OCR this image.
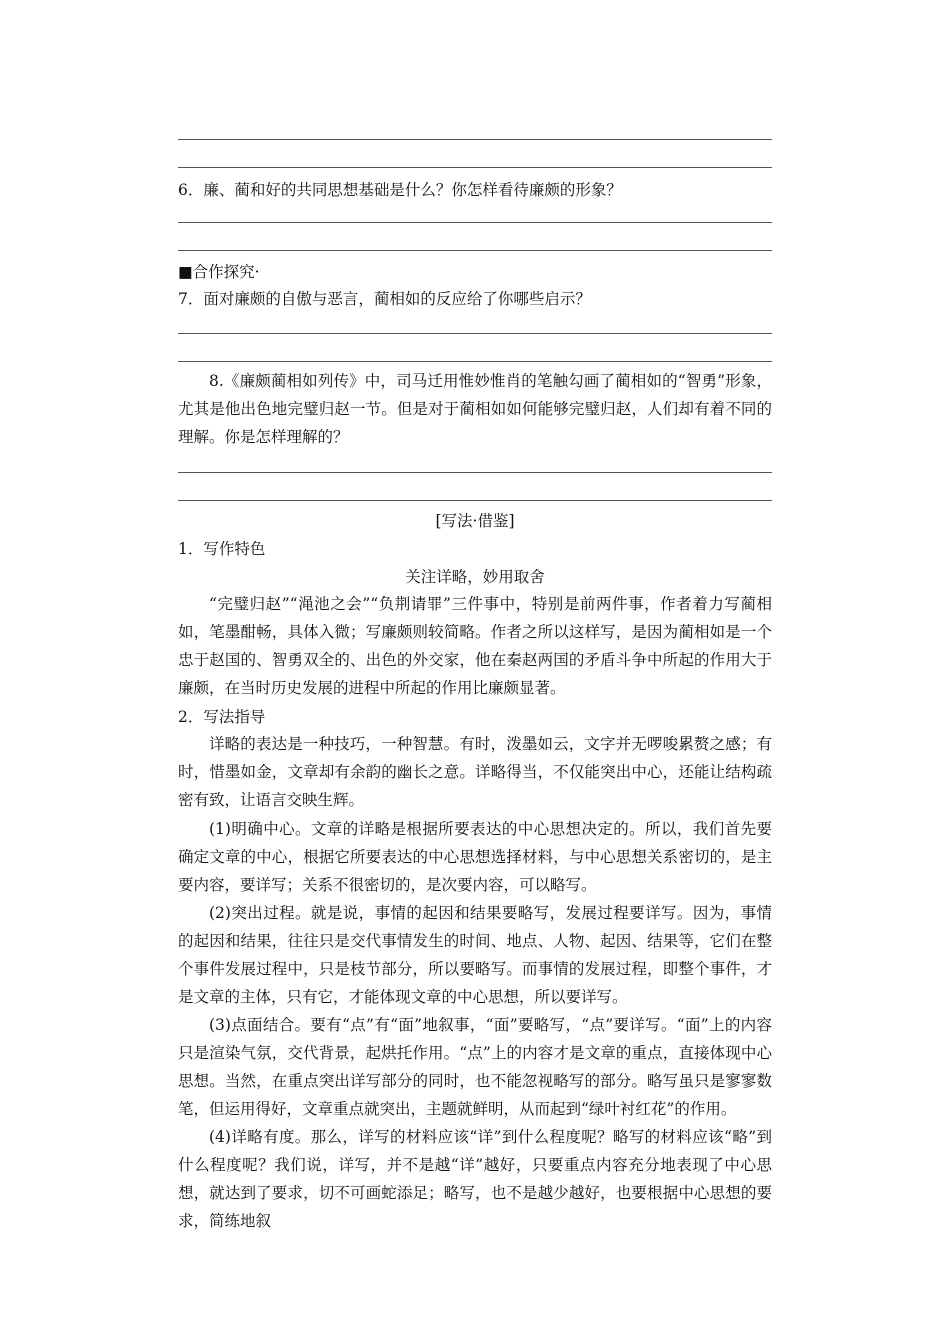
6．廉、蔺和好的共同思想基础是什么？你怎样看待廉颇的形象？
■合作探究·
7．面对廉颇的自傲与恶言，蔺相如的反应给了你哪些启示？
8.《廉颇蔺相如列传》中，司马迁用惟妙惟肖的笔触勾画了蔺相如的“智勇”形象，尤其是他出色地完璧归赵一节。但是对于蔺相如如何能够完璧归赵，人们却有着不同的理解。你是怎样理解的？
[写法·借鉴]
1．写作特色
关注详略，妙用取舍
“完璧归赵”“渑池之会”“负荆请罪”三件事中，特别是前两件事，作者着力写蔺相如，笔墨酣畅，具体入微；写廉颇则较简略。作者之所以这样写，是因为蔺相如是一个忠于赵国的、智勇双全的、出色的外交家，他在秦赵两国的矛盾斗争中所起的作用大于廉颇，在当时历史发展的进程中所起的作用比廉颇显著。
2．写法指导
详略的表达是一种技巧，一种智慧。有时，泼墨如云，文字并无啰唆累赘之感；有时，惜墨如金，文章却有余韵的幽长之意。详略得当，不仅能突出中心，还能让结构疏密有致，让语言交映生辉。
(1)明确中心。文章的详略是根据所要表达的中心思想决定的。所以，我们首先要确定文章的中心，根据它所要表达的中心思想选择材料，与中心思想关系密切的，是主要内容，要详写；关系不很密切的，是次要内容，可以略写。
(2)突出过程。就是说，事情的起因和结果要略写，发展过程要详写。因为，事情的起因和结果，往往只是交代事情发生的时间、地点、人物、起因、结果等，它们在整个事件发展过程中，只是枝节部分，所以要略写。而事情的发展过程，即整个事件，才是文章的主体，只有它，才能体现文章的中心思想，所以要详写。
(3)点面结合。要有“点”有“面”地叙事，“面”要略写，“点”要详写。“面”上的内容只是渲染气氛，交代背景，起烘托作用。“点”上的内容才是文章的重点，直接体现中心思想。当然，在重点突出详写部分的同时，也不能忽视略写的部分。略写虽只是寥寥数笔，但运用得好，文章重点就突出，主题就鲜明，从而起到“绿叶衬红花”的作用。
(4)详略有度。那么，详写的材料应该“详”到什么程度呢？略写的材料应该“略”到什么程度呢？我们说，详写，并不是越“详”越好，只要重点内容充分地表现了中心思想，就达到了要求，切不可画蛇添足；略写，也不是越少越好，也要根据中心思想的要求，简练地叙
